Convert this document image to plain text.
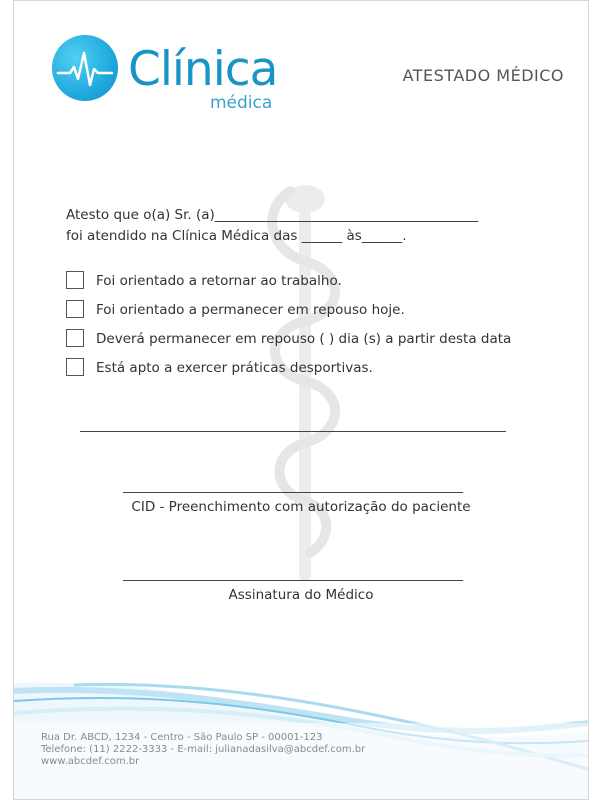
Clínica
médica
ATESTADO MÉDICO
Atesto que o(a) Sr. (a)_______________________________________
foi atendido na Clínica Médica das ______ às______.
Foi orientado a retornar ao trabalho.
Foi orientado a permanecer em repouso hoje.
Deverá permanecer em repouso ( ) dia (s) a partir desta data
Está apto a exercer práticas desportivas.
CID - Preenchimento com autorização do paciente
Assinatura do Médico
Rua Dr. ABCD, 1234 - Centro - São Paulo SP - 00001-123
Telefone: (11) 2222-3333 - E-mail: julianadasilva@abcdef.com.br
www.abcdef.com.br
